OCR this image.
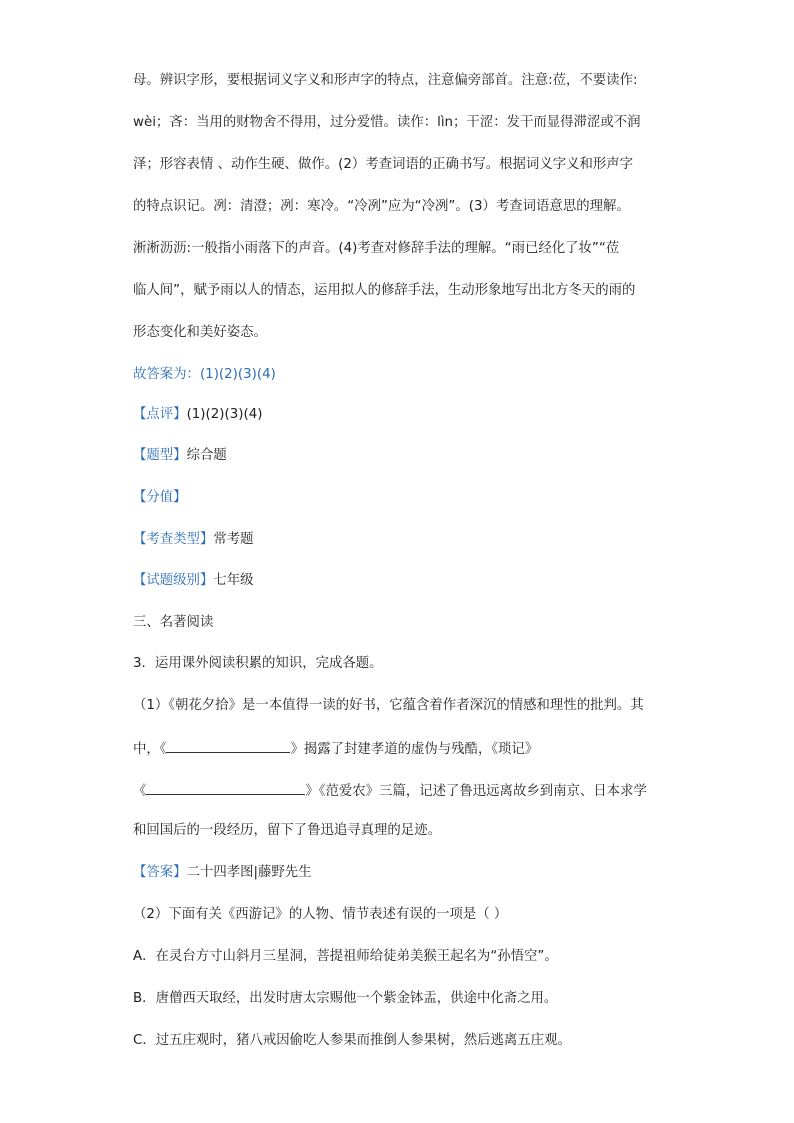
母。辨识字形，要根据词义字义和形声字的特点，注意偏旁部首。注意:莅，不要读作:
wèi；吝：当用的财物舍不得用，过分爱惜。读作：lìn；干涩：发干而显得滞涩或不润
泽；形容表情 、动作生硬、做作。(2）考查词语的正确书写。根据词义字义和形声字
的特点识记。冽：清澄；冽：寒冷。“冷冽”应为“冷冽”。(3）考查词语意思的理解。
淅淅沥沥:一般指小雨落下的声音。(4)考查对修辞手法的理解。“雨已经化了妆”“莅
临人间”，赋予雨以人的情态，运用拟人的修辞手法，生动形象地写出北方冬天的雨的
形态变化和美好姿态。
故答案为：(1)(2)(3)(4)
【点评】(1)(2)(3)(4)
【题型】综合题
【分值】
【考查类型】常考题
【试题级别】七年级
三、名著阅读
3．运用课外阅读积累的知识，完成各题。
（1）《朝花夕拾》是一本值得一读的好书，它蕴含着作者深沉的情感和理性的批判。其
中，《	》揭露了封建孝道的虚伪与残酷，《琐记》
《	》《范爱农》三篇，记述了鲁迅远离故乡到南京、日本求学
和回国后的一段经历，留下了鲁迅追寻真理的足迹。
【答案】二十四孝图|藤野先生
（2）下面有关《西游记》的人物、情节表述有误的一项是（ ）
A．在灵台方寸山斜月三星洞，菩提祖师给徒弟美猴王起名为“孙悟空”。
B．唐僧西天取经，出发时唐太宗赐他一个紫金钵盂，供途中化斋之用。
C．过五庄观时，猪八戒因偷吃人参果而推倒人参果树，然后逃离五庄观。
